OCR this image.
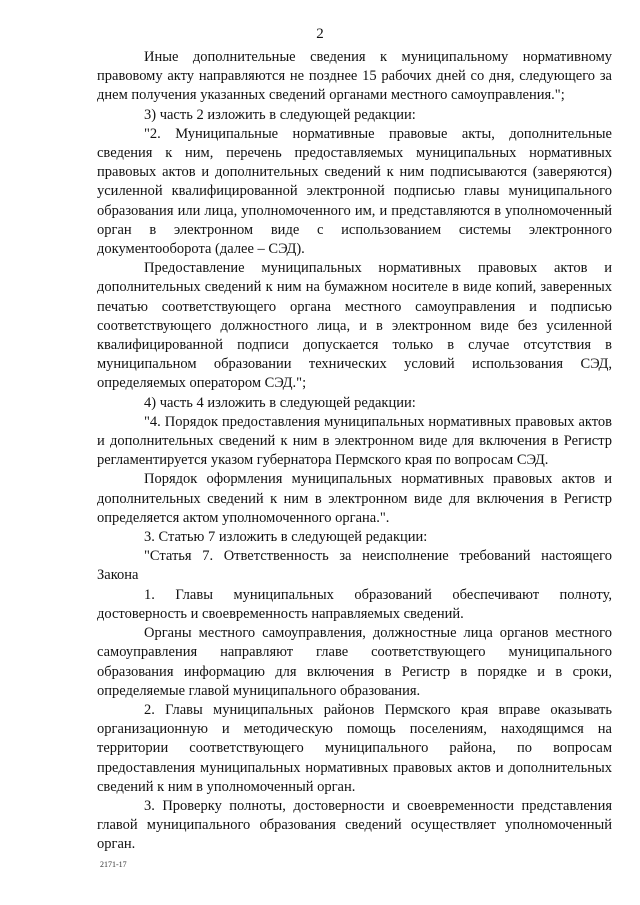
2

Иные дополнительные сведения к муниципальному нормативному правовому акту направляются не позднее 15 рабочих дней со дня, следующего за днем получения указанных сведений органами местного самоуправления.";

3) часть 2 изложить в следующей редакции:

"2. Муниципальные нормативные правовые акты, дополнительные сведения к ним, перечень предоставляемых муниципальных нормативных правовых актов и дополнительных сведений к ним подписываются (заверяются) усиленной квалифицированной электронной подписью главы муниципального образования или лица, уполномоченного им, и представляются в уполномоченный орган в электронном виде с использованием системы электронного документооборота (далее – СЭД).

Предоставление муниципальных нормативных правовых актов и дополнительных сведений к ним на бумажном носителе в виде копий, заверенных печатью соответствующего органа местного самоуправления и подписью соответствующего должностного лица, и в электронном виде без усиленной квалифицированной подписи допускается только в случае отсутствия в муниципальном образовании технических условий использования СЭД, определяемых оператором СЭД.";

4) часть 4 изложить в следующей редакции:

"4. Порядок предоставления муниципальных нормативных правовых актов и дополнительных сведений к ним в электронном виде для включения в Регистр регламентируется указом губернатора Пермского края по вопросам СЭД.

Порядок оформления муниципальных нормативных правовых актов и дополнительных сведений к ним в электронном виде для включения в Регистр определяется актом уполномоченного органа.".

3. Статью 7 изложить в следующей редакции:

"Статья 7. Ответственность за неисполнение требований настоящего Закона

1. Главы муниципальных образований обеспечивают полноту, достоверность и своевременность направляемых сведений.

Органы местного самоуправления, должностные лица органов местного самоуправления направляют главе соответствующего муниципального образования информацию для включения в Регистр в порядке и в сроки, определяемые главой муниципального образования.

2. Главы муниципальных районов Пермского края вправе оказывать организационную и методическую помощь поселениям, находящимся на территории соответствующего муниципального района, по вопросам предоставления муниципальных нормативных правовых актов и дополнительных сведений к ним в уполномоченный орган.

3. Проверку полноты, достоверности и своевременности представления главой муниципального образования сведений осуществляет уполномоченный орган.

2171-17
